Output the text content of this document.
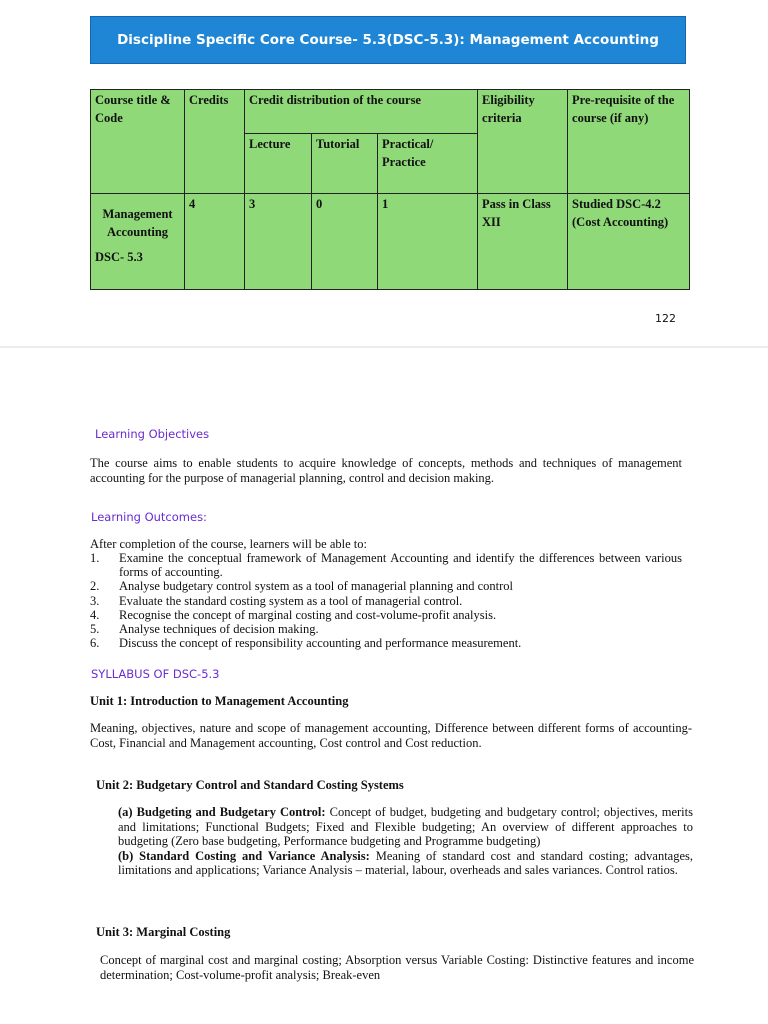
Discipline Specific Core Course- 5.3(DSC-5.3): Management Accounting
Course title & Code	Credits	Credit distribution of the course			Eligibility criteria	Pre-requisite of the course (if any)
		Lecture	Tutorial	Practical/ Practice		

Management Accounting
DSC- 5.3	4	3	0	1	Pass in Class XII	Studied DSC-4.2 (Cost Accounting)
122
Learning Objectives
The course aims to enable students to acquire knowledge of concepts, methods and techniques of management accounting for the purpose of managerial planning, control and decision making.
Learning Outcomes:
After completion of the course, learners will be able to:
1.	Examine the conceptual framework of Management Accounting and identify the differences between various forms of accounting.
2.	Analyse budgetary control system as a tool of managerial planning and control
3.	Evaluate the standard costing system as a tool of managerial control.
4.	Recognise the concept of marginal costing and cost-volume-profit analysis.
5.	Analyse techniques of decision making.
6.	Discuss the concept of responsibility accounting and performance measurement.
SYLLABUS OF DSC-5.3
Unit 1: Introduction to Management Accounting
Meaning, objectives, nature and scope of management accounting, Difference between different forms of accounting- Cost, Financial and Management accounting, Cost control and Cost reduction.
Unit 2: Budgetary Control and Standard Costing Systems

(a) Budgeting and Budgetary Control: Concept of budget, budgeting and budgetary control; objectives, merits and limitations; Functional Budgets; Fixed and Flexible budgeting; An overview of different approaches to budgeting (Zero base budgeting, Performance budgeting and Programme budgeting)

(b) Standard Costing and Variance Analysis: Meaning of standard cost and standard costing; advantages, limitations and applications; Variance Analysis – material, labour, overheads and sales variances. Control ratios.

Unit 3: Marginal Costing
Concept of marginal cost and marginal costing; Absorption versus Variable Costing: Distinctive features and income determination; Cost-volume-profit analysis; Break-even
